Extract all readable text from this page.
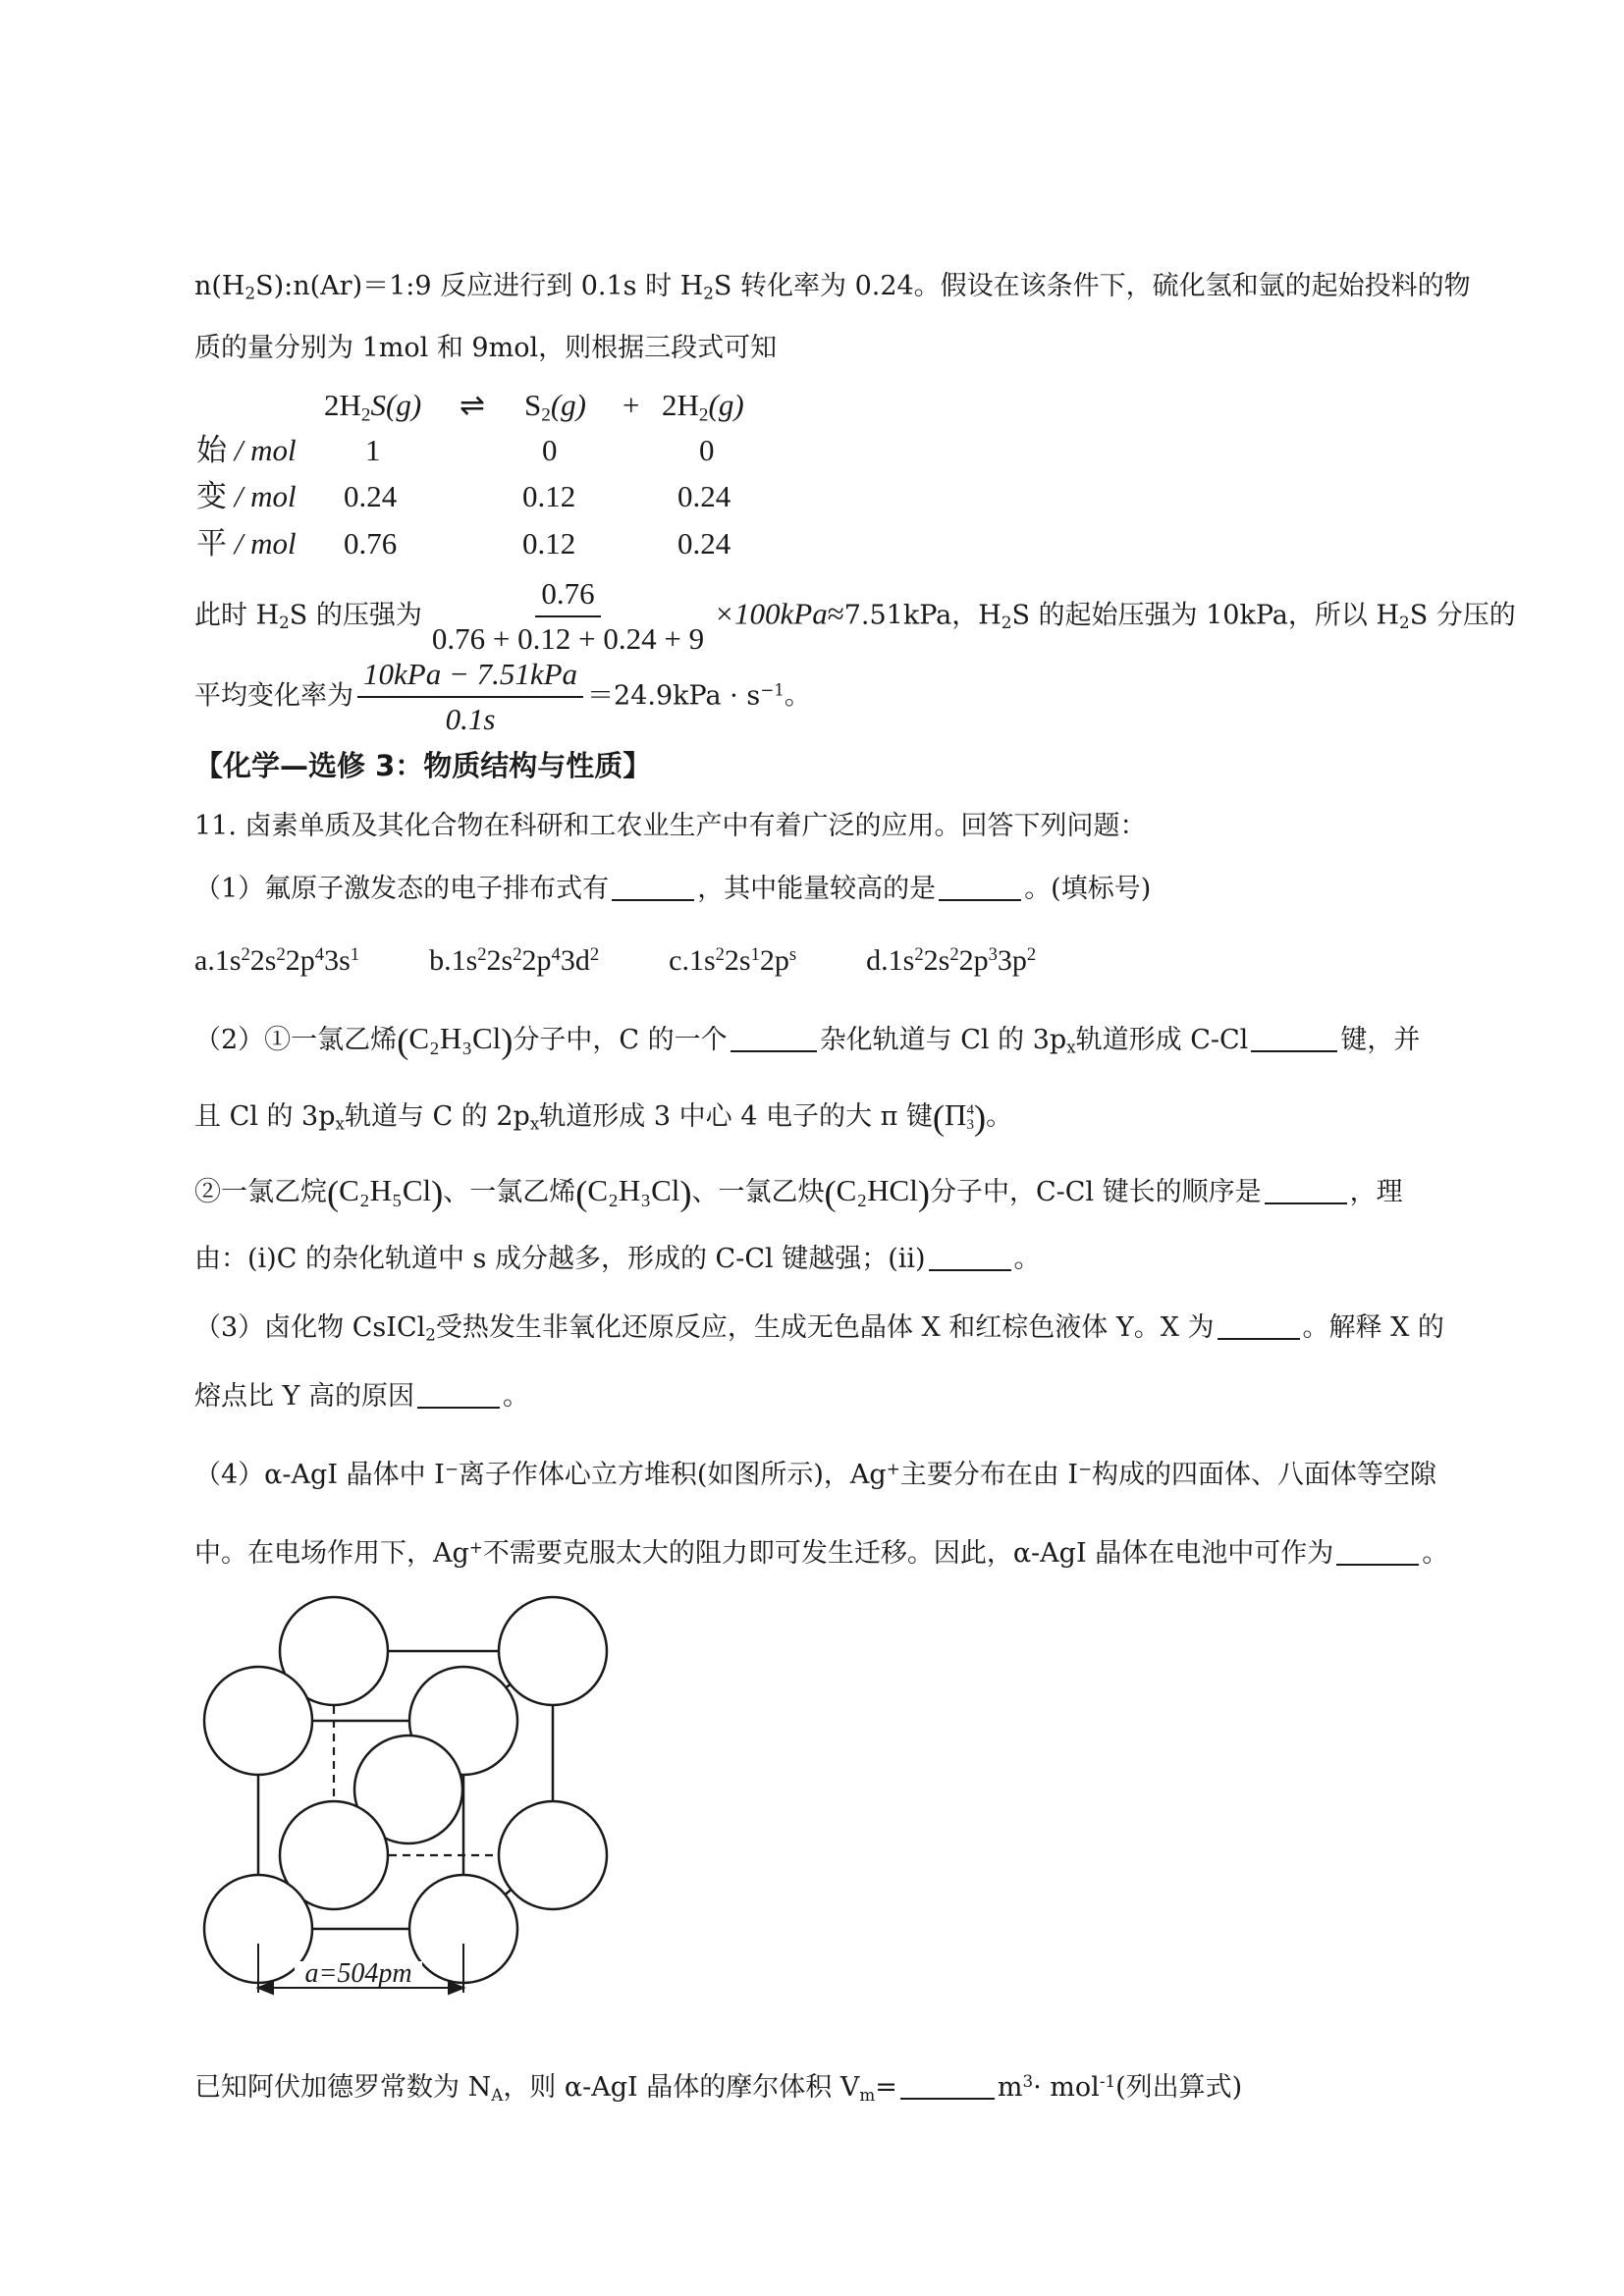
$n(H_2S):n(Ar)=1:9$ 反应进行到 0.1s 时 $H_2S$ 转化率为 0.24。假设在该条件下，硫化氢和氩的起始投料的物
质的量分别为 1mol 和 9mol，则根据三段式可知
$2H_2S(g)$ ⇌ $S_2(g) + 2H_2(g)$
始 / mol 1	0	0
变 / mol 0.24	0.12	0.24
平 / mol 0.76	0.12	0.24
此时 $H_2S$ 的压强为 $\frac{0.76}{0.76 + 0.12 + 0.24 + 9} \times 100kPa\approx 7.51kPa$，$H_2S$ 的起始压强为 10kPa，所以 $H_2S$ 分压的
平均变化率为 $\frac{\text{10kPa − 7.51kPa}}{0.1s} =24.9kPa \cdot s^{-1}$。
【化学—选修 3：物质结构与性质】
11. 卤素单质及其化合物在科研和工农业生产中有着广泛的应用。回答下列问题：
（1）氟原子激发态的电子排布式有	，其中能量较高的是	。(填标号)
$a.1s^22s^22p^43s^1$ $b.1s^22s^22p^43d^2$ $c.1s^22s^12p^s$ $d.1s^22s^22p^33p^2$
（2）①一氯乙烯(C₂H₃Cl)分子中，C 的一个	杂化轨道与 Cl 的 $3p_x$轨道形成 C-Cl	键，并
且 Cl 的 $3p_x$轨道与 C 的 $2p_x$轨道形成 3 中心 4 电子的大 π 键(Π 4
3 )。
②一氯乙烷(C₂H₅Cl)、一氯乙烯(C₂H₃Cl)、一氯乙炔(C₂HCl)分子中，C-Cl 键长的顺序是	，理
由：(i)C 的杂化轨道中 s 成分越多，形成的 C-Cl 键越强；(ii)	。
（3）卤化物 CsICl$_2$受热发生非氧化还原反应，生成无色晶体 X 和红棕色液体 Y。X 为	。解释 X 的
熔点比 Y 高的原因	。
（4）α-AgI 晶体中 I−离子作体心立方堆积(如图所示)，Ag+主要分布在由 I−构成的四面体、八面体等空隙
中。在电场作用下，Ag+不需要克服太大的阻力即可发生迁移。因此，α-AgI 晶体在电池中可作为	。
a=504pm
已知阿伏加德罗常数为 $N_A$，则 α-AgI 晶体的摩尔体积 $V_m=$	$m^3\cdot mol^{-1}$(列出算式)
